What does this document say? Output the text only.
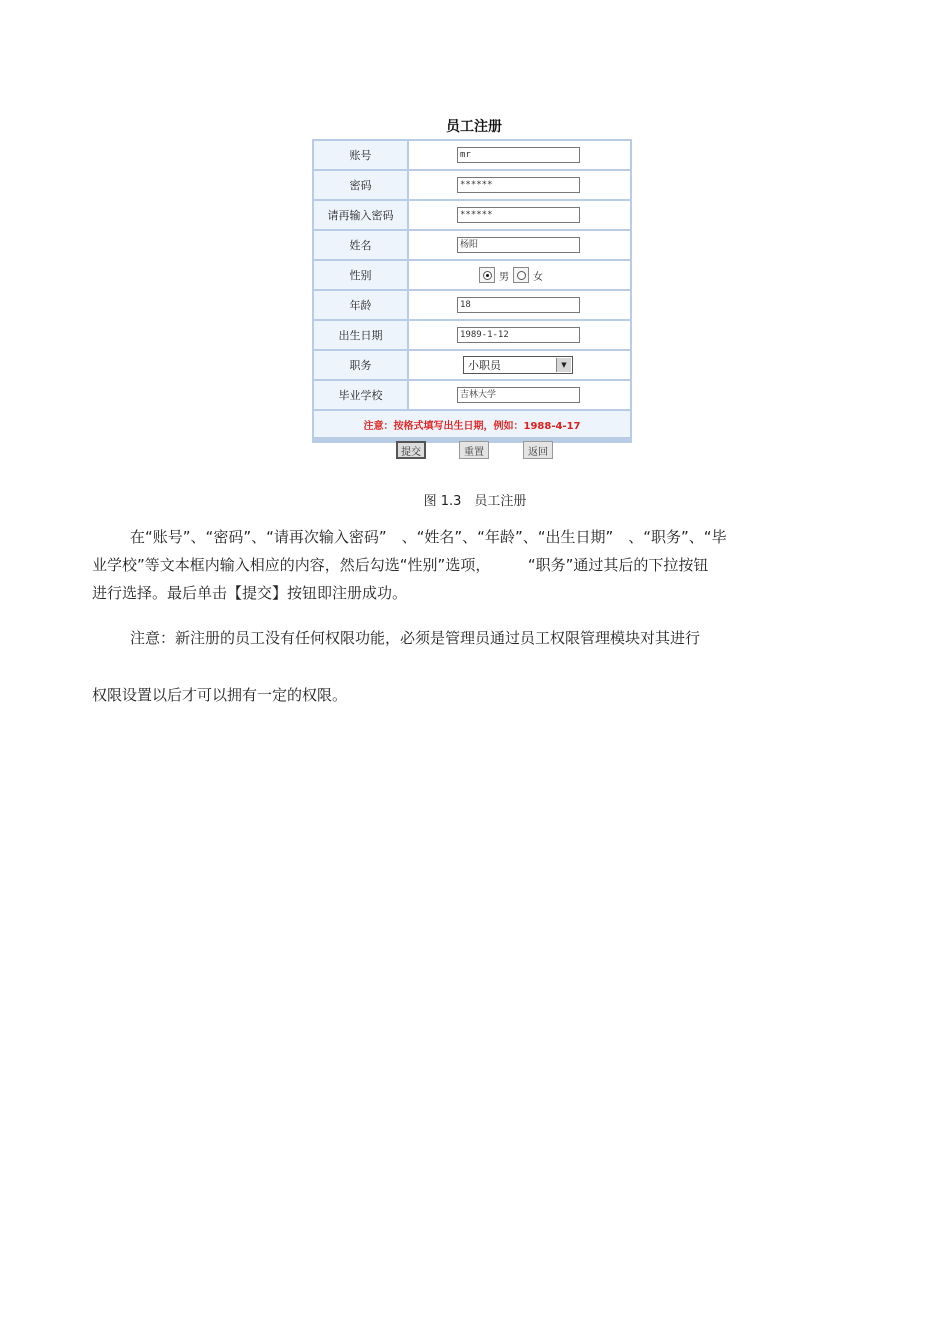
员工注册
账号	mr
密码	******
请再输入密码	******
姓名	杨阳
性别	男 女
年龄	18
出生日期	1989-1-12
职务	小职员	▼
毕业学校	吉林大学
注意：按格式填写出生日期，例如：1988-4-17
提交	重置	返回
图 1.3　员工注册
在“账号”、“密码”、“请再次输入密码”　、“姓名”、“年龄”、“出生日期”　、“职务”、“毕
业学校”等文本框内输入相应的内容，然后勾选“性别”选项，　　　“职务”通过其后的下拉按钮
进行选择。最后单击【提交】按钮即注册成功。
注意：新注册的员工没有任何权限功能，必须是管理员通过员工权限管理模块对其进行
权限设置以后才可以拥有一定的权限。
